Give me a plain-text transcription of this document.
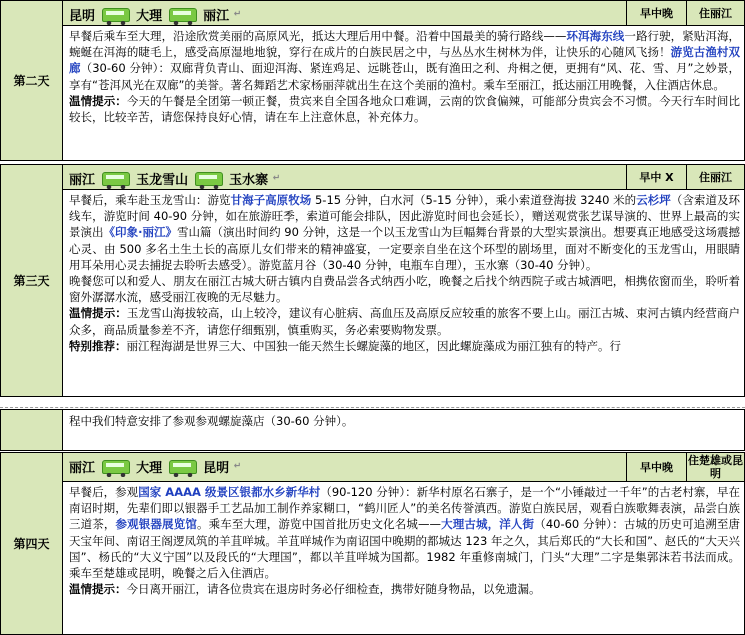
第二天	
昆明	大理	丽江 ↵	早中晚	住丽江

早餐后乘车至大理，沿途欣赏美丽的高原风光，抵达大理后用中餐。沿着中国最美的骑行路线——环洱海东线一路行驶，紧贴洱海，蜿蜒在洱海的睫毛上，感受高原湿地地貌，穿行在成片的白族民居之中，与丛丛水生树林为伴，让快乐的心随风飞扬！游览古渔村双廊（30-60 分钟）：双廊背负青山、面迎洱海、紧连鸡足、远眺苍山，既有渔田之利、舟楫之便，更拥有“风、花、雪、月”之妙景，享有“苍洱风光在双廊”的美誉。著名舞蹈艺术家杨丽萍就出生在这个美丽的渔村。乘车至丽江，抵达丽江用晚餐，入住酒店休息。
温情提示：今天的午餐是全团第一顿正餐，贵宾来自全国各地众口难调，云南的饮食偏辣，可能部分贵宾会不习惯。今天行车时间比较长，比较辛苦，请您保持良好心情，请在车上注意休息，补充体力。
第三天	
丽江	玉龙雪山	玉水寨 ↵	早中 X	住丽江

早餐后，乘车赴玉龙雪山：游览甘海子高原牧场 5-15 分钟，白水河（5-15 分钟），乘小索道登海拔 3240 米的云杉坪（含索道及环线车，游览时间 40-90 分钟，如在旅游旺季，索道可能会排队，因此游览时间也会延长），赠送观赏张艺谋导演的、世界上最高的实景演出《印象·丽江》雪山篇（演出时间约 90 分钟，这是一个以玉龙雪山为巨幅舞台背景的大型实景演出。想要真正地感受这场震撼心灵、由 500 多名土生土长的高原儿女们带来的精神盛宴，一定要亲自坐在这个环型的剧场里，面对不断变化的玉龙雪山，用眼睛用耳朵用心灵去捕捉去聆听去感受）。游览蓝月谷（30-40 分钟，电瓶车自理），玉水寨（30-40 分钟）。
晚餐您可以和爱人、朋友在丽江古城大研古镇内自费品尝各式纳西小吃，晚餐之后找个纳西院子或古城酒吧，相携依窗而坐，聆听着窗外潺潺水流，感受丽江夜晚的无尽魅力。
温情提示：玉龙雪山海拔较高，山上较冷，建议有心脏病、高血压及高原反应较重的旅客不要上山。丽江古城、束河古镇内经营商户众多，商品质量参差不齐，请您仔细甄别，慎重购买，务必索要购物发票。
特别推荐：丽江程海湖是世界三大、中国独一能天然生长螺旋藻的地区，因此螺旋藻成为丽江独有的特产。行

程中我们特意安排了参观参观螺旋藻店（30-60 分钟）。
第四天	
丽江	大理	昆明 ↵	早中晚	住楚雄或昆明

早餐后，参观国家 AAAA 级景区银都水乡新华村（90-120 分钟）：新华村原名石寨子，是一个“小锤敲过一千年”的古老村寨，早在南诏时期，先辈们即以银器手工艺品加工制作养家糊口，“鹤川匠人”的美名传誉滇西。游览白族民居，观看白族歌舞表演，品尝白族三道茶，参观银器展览馆。乘车至大理，游览中国首批历史文化名城——大理古城，洋人街（40-60 分钟）：古城的历史可追溯至唐天宝年间、南诏王阁逻凤筑的羊苴咩城。羊苴咩城作为南诏国中晚期的都城达 123 年之久，其后郑氏的“大长和国”、赵氏的“大天兴国”、杨氏的“大义宁国”以及段氏的“大理国”，都以羊苴咩城为国都。1982 年重修南城门，门头“大理”二字是集郭沫若书法而成。乘车至楚雄或昆明，晚餐之后入住酒店。
温情提示：今日离开丽江，请各位贵宾在退房时务必仔细检查，携带好随身物品，以免遗漏。
